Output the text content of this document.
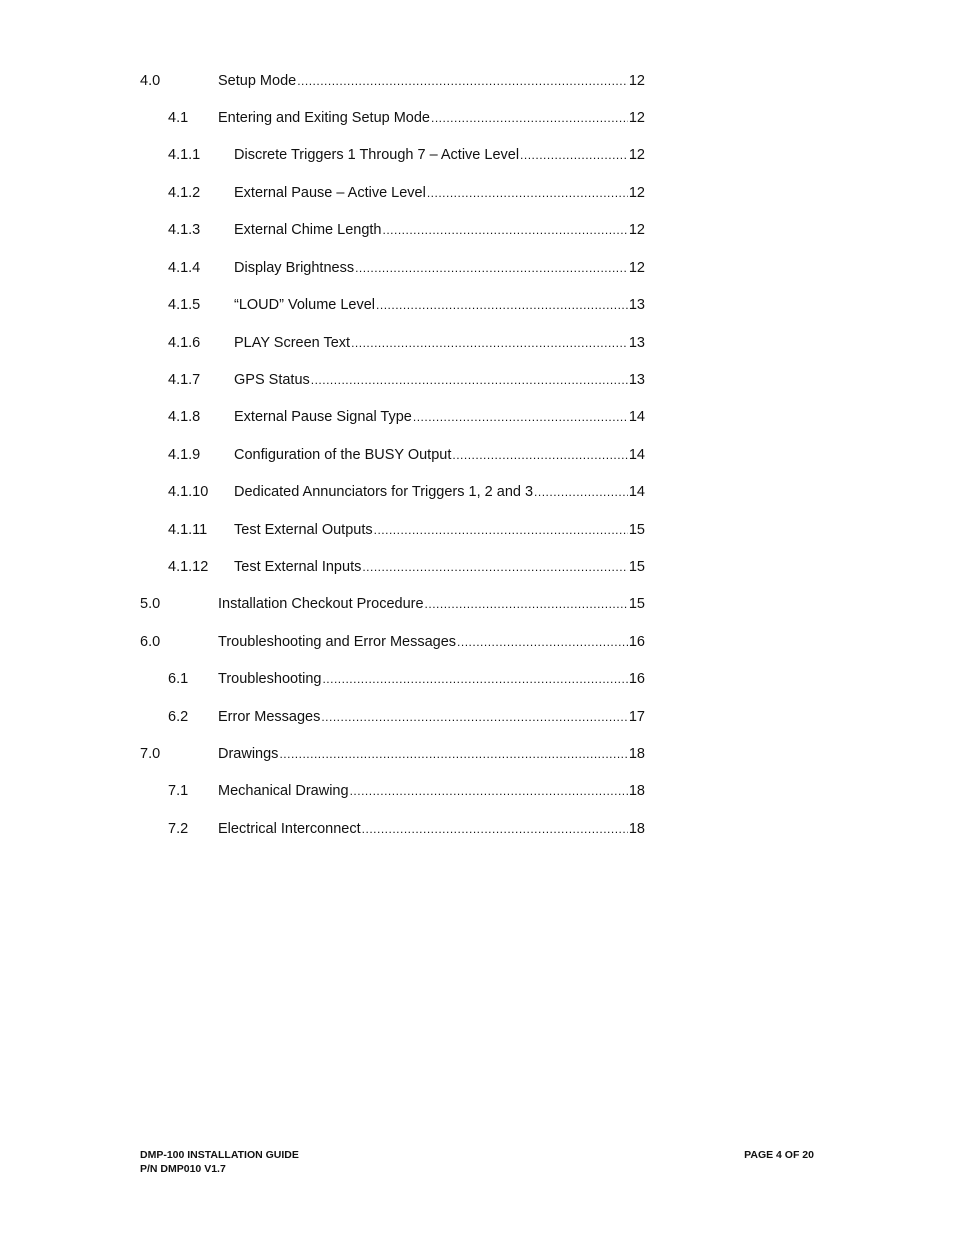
4.0	Setup Mode .....	12
4.1 Entering and Exiting Setup Mode .....	12
4.1.1 Discrete Triggers 1 Through 7 – Active Level .....	12
4.1.2 External Pause – Active Level .....	12
4.1.3 External Chime Length .....	12
4.1.4 Display Brightness .....	12
4.1.5 “LOUD” Volume Level .....	13
4.1.6 PLAY Screen Text .....	13
4.1.7 GPS Status .....	13
4.1.8 External Pause Signal Type .....	14
4.1.9 Configuration of the BUSY Output .....	14
4.1.10 Dedicated Annunciators for Triggers 1, 2 and 3 .....	14
4.1.11 Test External Outputs .....	15
4.1.12 Test External Inputs .....	15
5.0	Installation Checkout Procedure .....	15
6.0	Troubleshooting and Error Messages .....	16
6.1 Troubleshooting .....	16
6.2 Error Messages .....	17
7.0	Drawings .....	18
7.1 Mechanical Drawing .....	18
7.2 Electrical Interconnect .....	18
DMP-100 INSTALLATION GUIDE
P/N DMP010 V1.7
PAGE 4 OF 20
